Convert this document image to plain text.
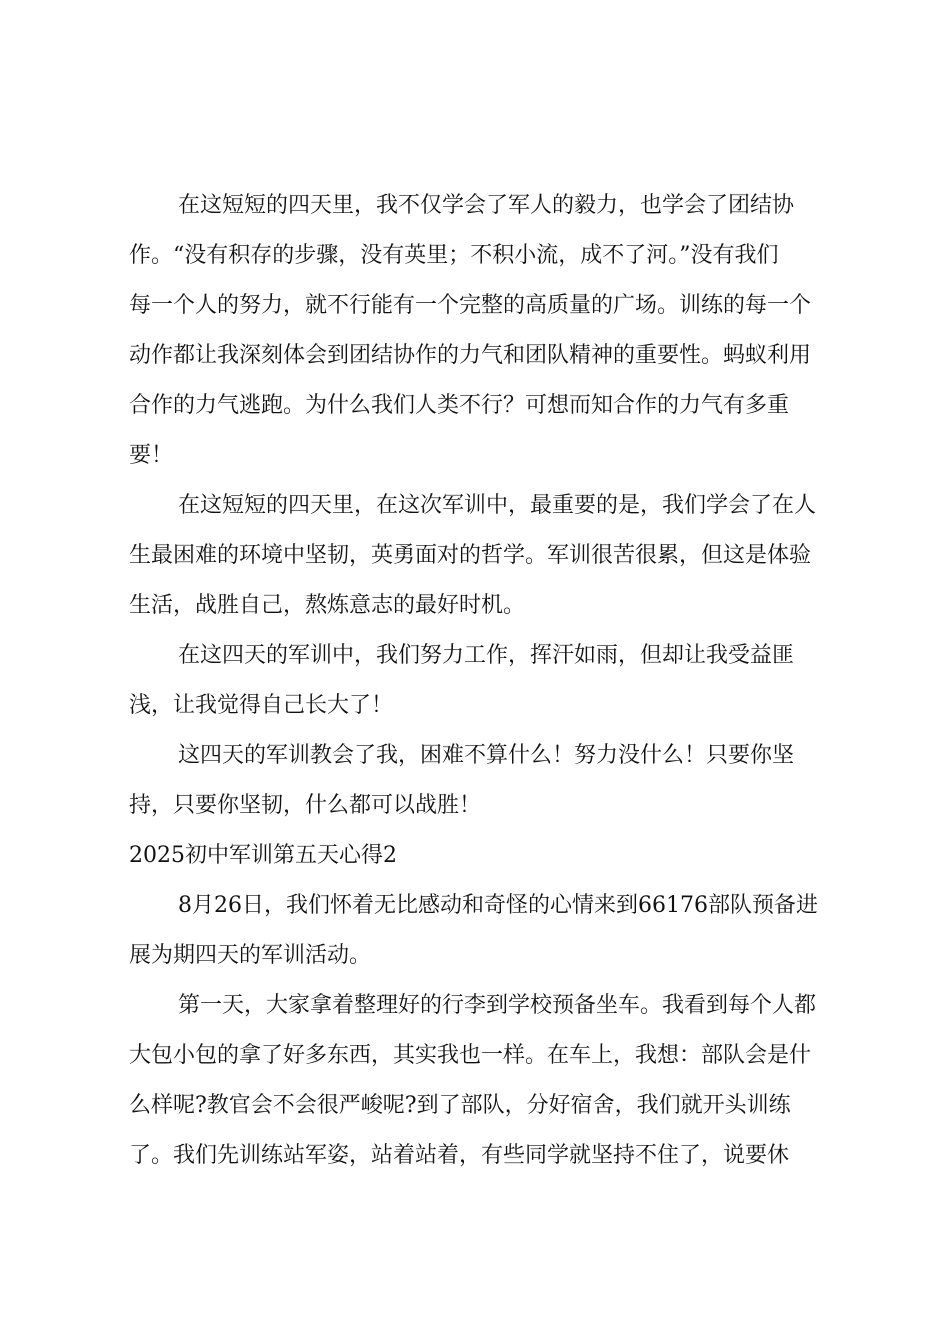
在这短短的四天里，我不仅学会了军人的毅力，也学会了团结协
作。“没有积存的步骤，没有英里；不积小流，成不了河。”没有我们
每一个人的努力，就不行能有一个完整的高质量的广场。训练的每一个
动作都让我深刻体会到团结协作的力气和团队精神的重要性。蚂蚁利用
合作的力气逃跑。为什么我们人类不行？可想而知合作的力气有多重
要！
在这短短的四天里，在这次军训中，最重要的是，我们学会了在人
生最困难的环境中坚韧，英勇面对的哲学。军训很苦很累，但这是体验
生活，战胜自己，熬炼意志的最好时机。
在这四天的军训中，我们努力工作，挥汗如雨，但却让我受益匪
浅，让我觉得自己长大了！
这四天的军训教会了我，困难不算什么！努力没什么！只要你坚
持，只要你坚韧，什么都可以战胜！
2025初中军训第五天心得2
8月26日，我们怀着无比感动和奇怪的心情来到66176部队预备进
展为期四天的军训活动。
第一天，大家拿着整理好的行李到学校预备坐车。我看到每个人都
大包小包的拿了好多东西，其实我也一样。在车上，我想：部队会是什
么样呢?教官会不会很严峻呢?到了部队，分好宿舍，我们就开头训练
了。我们先训练站军姿，站着站着，有些同学就坚持不住了，说要休
